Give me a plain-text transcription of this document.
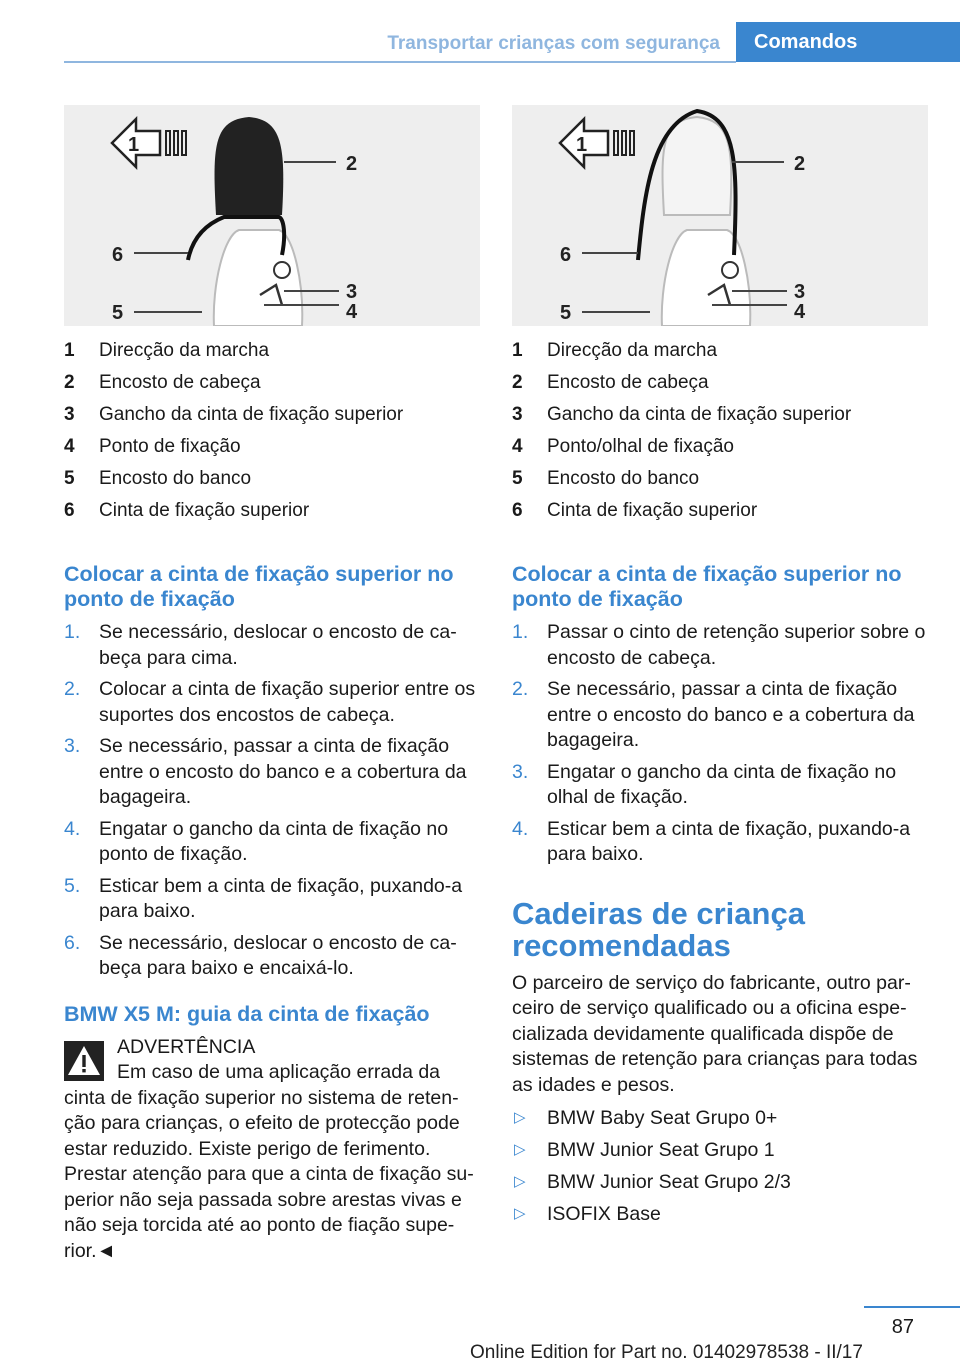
Transportar crianças com segurança	Comandos
1
2
3
4
5
6
1
2
3
4
5
6
1 Direcção da marcha
2 Encosto de cabeça
3 Gancho da cinta de fixação superior
4 Ponto de fixação
5 Encosto do banco
6 Cinta de fixação superior
1 Direcção da marcha
2 Encosto de cabeça
3 Gancho da cinta de fixação superior
4 Ponto/olhal de fixação
5 Encosto do banco
6 Cinta de fixação superior
Colocar a cinta de fixação superior no ponto de fixação
1. Se necessário, deslocar o encosto de cabeça para cima.
2. Colocar a cinta de fixação superior entre os suportes dos encostos de cabeça.
3. Se necessário, passar a cinta de fixação entre o encosto do banco e a cobertura da bagageira.
4. Engatar o gancho da cinta de fixação no ponto de fixação.
5. Esticar bem a cinta de fixação, puxando-a para baixo.
6. Se necessário, deslocar o encosto de cabeça para baixo e encaixá-lo.
BMW X5 M: guia da cinta de fixação

ADVERTÊNCIA

Em caso de uma aplicação errada da

cinta de fixação superior no sistema de retenção para crianças, o efeito de protecção pode estar reduzido. Existe perigo de ferimento. Prestar atenção para que a cinta de fixação superior não seja passada sobre arestas vivas e não seja torcida até ao ponto de fiação superior.◄

Colocar a cinta de fixação superior no ponto de fixação
1. Passar o cinto de retenção superior sobre o encosto de cabeça.
2. Se necessário, passar a cinta de fixação entre o encosto do banco e a cobertura da bagageira.
3. Engatar o gancho da cinta de fixação no olhal de fixação.
4. Esticar bem a cinta de fixação, puxando-a para baixo.
Cadeiras de criança recomendadas

O parceiro de serviço do fabricante, outro parceiro de serviço qualificado ou a oficina especializada devidamente qualificada dispõe de sistemas de retenção para crianças para todas as idades e pesos.

▷ BMW Baby Seat Grupo 0+
▷ BMW Junior Seat Grupo 1
▷ BMW Junior Seat Grupo 2/3
▷ ISOFIX Base
87
Online Edition for Part no. 01402978538 - II/17
